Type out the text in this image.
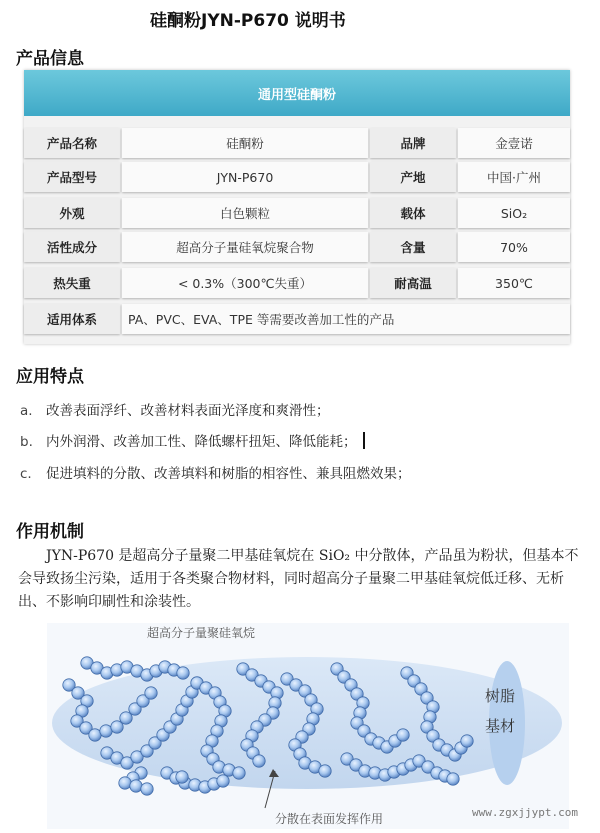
硅酮粉JYN-P670 说明书
产品信息
通用型硅酮粉
产品名称	硅酮粉	品牌	金壹诺
产品型号	JYN-P670	产地	中国·广州
外观	白色颗粒	载体	SiO₂
活性成分	超高分子量硅氧烷聚合物	含量	70%
热失重	< 0.3%（300℃失重）	耐高温	350℃
适用体系	PA、PVC、EVA、TPE 等需要改善加工性的产品
应用特点
a. 改善表面浮纤、改善材料表面光泽度和爽滑性；
b. 内外润滑、改善加工性、降低螺杆扭矩、降低能耗；
c. 促进填料的分散、改善填料和树脂的相容性、兼具阻燃效果；
作用机制
JYN-P670 是超高分子量聚二甲基硅氧烷在 SiO₂ 中分散体，产品虽为粉状，但基本不会导致扬尘污染，适用于各类聚合物材料，同时超高分子量聚二甲基硅氧烷低迁移、无析出、不影响印刷性和涂装性。
超高分子量聚硅氧烷
分散在表面发挥作用
树脂
基材
www.zgxjjypt.com
